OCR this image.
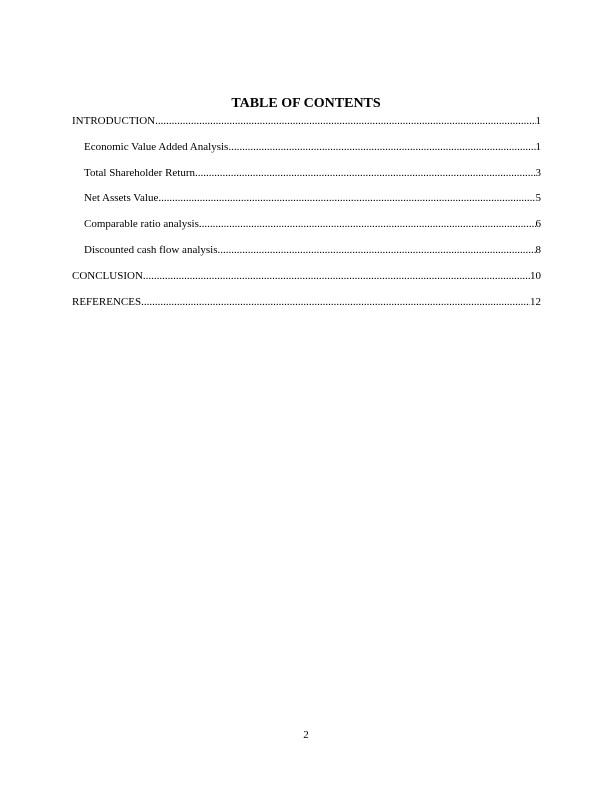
TABLE OF CONTENTS
INTRODUCTION .....	1
Economic Value Added Analysis .....	1
Total Shareholder Return .....	3
Net Assets Value .....	5
Comparable ratio analysis .....	6
Discounted cash flow analysis .....	8
CONCLUSION .....	10
REFERENCES .....	12
2
